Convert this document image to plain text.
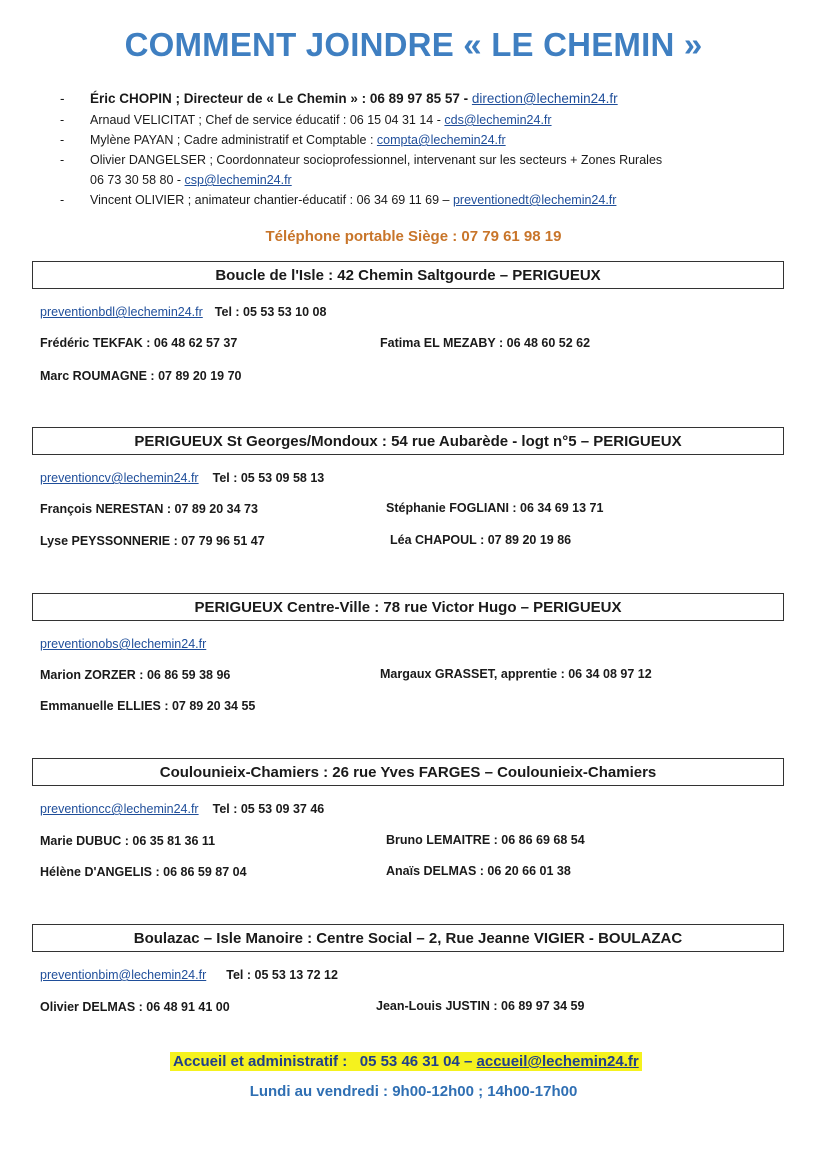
COMMENT JOINDRE « LE CHEMIN »
- Éric CHOPIN ; Directeur de « Le Chemin » : 06 89 97 85 57 - direction@lechemin24.fr
- Arnaud VELICITAT ; Chef de service éducatif : 06 15 04 31 14 - cds@lechemin24.fr
- Mylène PAYAN ; Cadre administratif et Comptable : compta@lechemin24.fr
- Olivier DANGELSER ; Coordonnateur socioprofessionnel, intervenant sur les secteurs + Zones Rurales
06 73 30 58 80 - csp@lechemin24.fr
- Vincent OLIVIER ; animateur chantier-éducatif : 06 34 69 11 69 – preventionedt@lechemin24.fr
Téléphone portable Siège : 07 79 61 98 19
Boucle de l'Isle : 42 Chemin Saltgourde – PERIGUEUX
preventionbdl@lechemin24.fr Tel : 05 53 53 10 08
Frédéric TEKFAK : 06 48 62 57 37	Fatima EL MEZABY : 06 48 60 52 62
Marc ROUMAGNE : 07 89 20 19 70
PERIGUEUX St Georges/Mondoux : 54 rue Aubarède - logt n°5 – PERIGUEUX
preventioncv@lechemin24.fr Tel : 05 53 09 58 13
François NERESTAN : 07 89 20 34 73	Stéphanie FOGLIANI : 06 34 69 13 71
Lyse PEYSSONNERIE : 07 79 96 51 47	Léa CHAPOUL : 07 89 20 19 86
PERIGUEUX Centre-Ville : 78 rue Victor Hugo – PERIGUEUX
preventionobs@lechemin24.fr
Marion ZORZER : 06 86 59 38 96	Margaux GRASSET, apprentie : 06 34 08 97 12
Emmanuelle ELLIES : 07 89 20 34 55
Coulounieix-Chamiers : 26 rue Yves FARGES – Coulounieix-Chamiers
preventioncc@lechemin24.fr Tel : 05 53 09 37 46
Marie DUBUC : 06 35 81 36 11	Bruno LEMAITRE : 06 86 69 68 54
Hélène D'ANGELIS : 06 86 59 87 04	Anaïs DELMAS : 06 20 66 01 38
Boulazac – Isle Manoire : Centre Social – 2, Rue Jeanne VIGIER - BOULAZAC
preventionbim@lechemin24.fr Tel : 05 53 13 72 12
Olivier DELMAS : 06 48 91 41 00	Jean-Louis JUSTIN : 06 89 97 34 59
Accueil et administratif : 05 53 46 31 04 – accueil@lechemin24.fr
Lundi au vendredi : 9h00-12h00 ; 14h00-17h00
